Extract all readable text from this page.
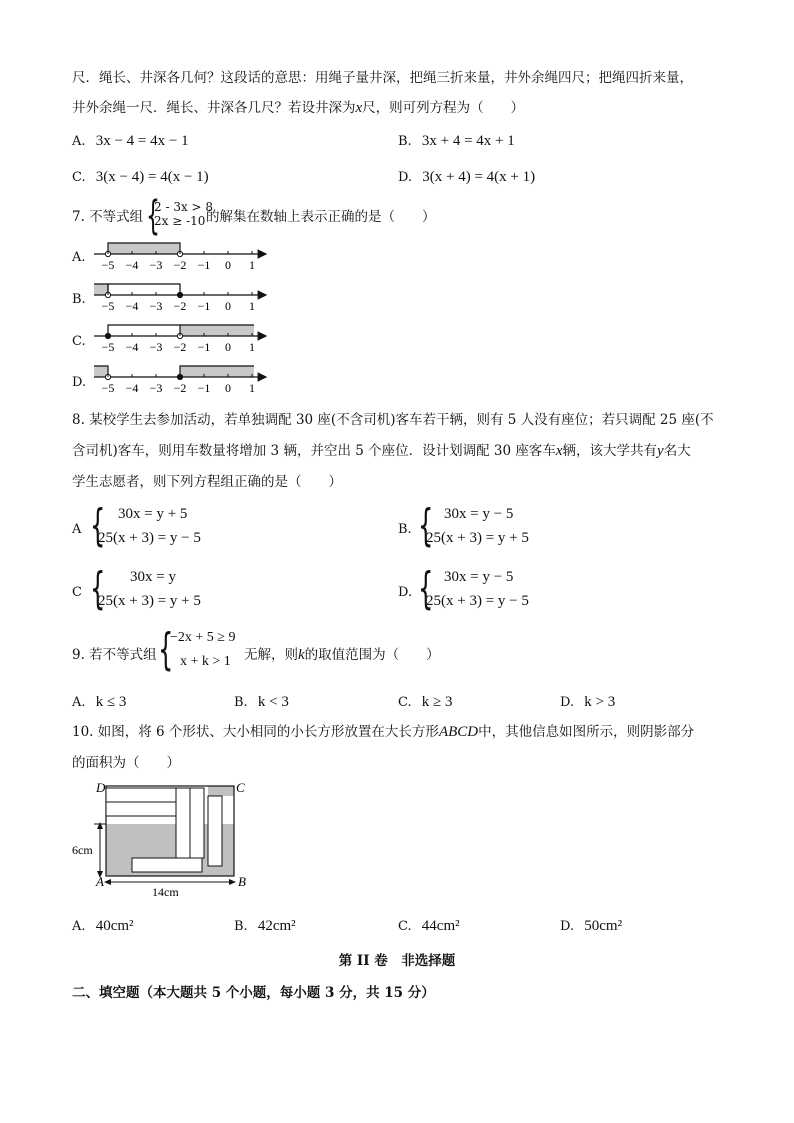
尺．绳长、井深各几何？这段话的意思：用绳子量井深，把绳三折来量，井外余绳四尺；把绳四折来量，
井外余绳一尺．绳长、井深各几尺？若设井深为x尺，则可列方程为（　　）
A. 3x − 4 = 4x − 1	B. 3x + 4 = 4x + 1
C. 3(x − 4) = 4(x − 1)	D. 3(x + 4) = 4(x + 1)
7. 不等式组 {
2 - 3x > 8
2x ≥ -10 的解集在数轴上表示正确的是（　　）
A.
B.
C.
D.
−5 −4 −3 −2 −1 0 1
−5 −4 −3 −2 −1 0 1
−5 −4 −3 −2 −1 0 1
−5 −4 −3 −2 −1 0 1
8. 某校学生去参加活动，若单独调配 30 座(不含司机)客车若干辆，则有 5 人没有座位；若只调配 25 座(不
含司机)客车，则用车数量将增加 3 辆，并空出 5 个座位．设计划调配 30 座客车x辆，该大学共有y名大
学生志愿者，则下列方程组正确的是（　　）
A { 30x = y + 5
25(x + 3) = y − 5
B. { 30x = y − 5
25(x + 3) = y + 5
C { 30x = y
25(x + 3) = y + 5
D. { 30x = y − 5
25(x + 3) = y − 5
9. 若不等式组 {
−2x + 5 ≥ 9
x + k > 1 无解，则k的取值范围为（　　）
A. k ≤ 3	B. k < 3	C. k ≥ 3	D. k > 3
10. 如图，将 6 个形状、大小相同的小长方形放置在大长方形ABCD中，其他信息如图所示，则阴影部分
的面积为（　　）
D	C
A	B
6cm
14cm
A. 40cm²	B. 42cm²	C. 44cm²	D. 50cm²
第 II 卷　非选择题
二、填空题（本大题共 5 个小题，每小题 3 分，共 15 分）
